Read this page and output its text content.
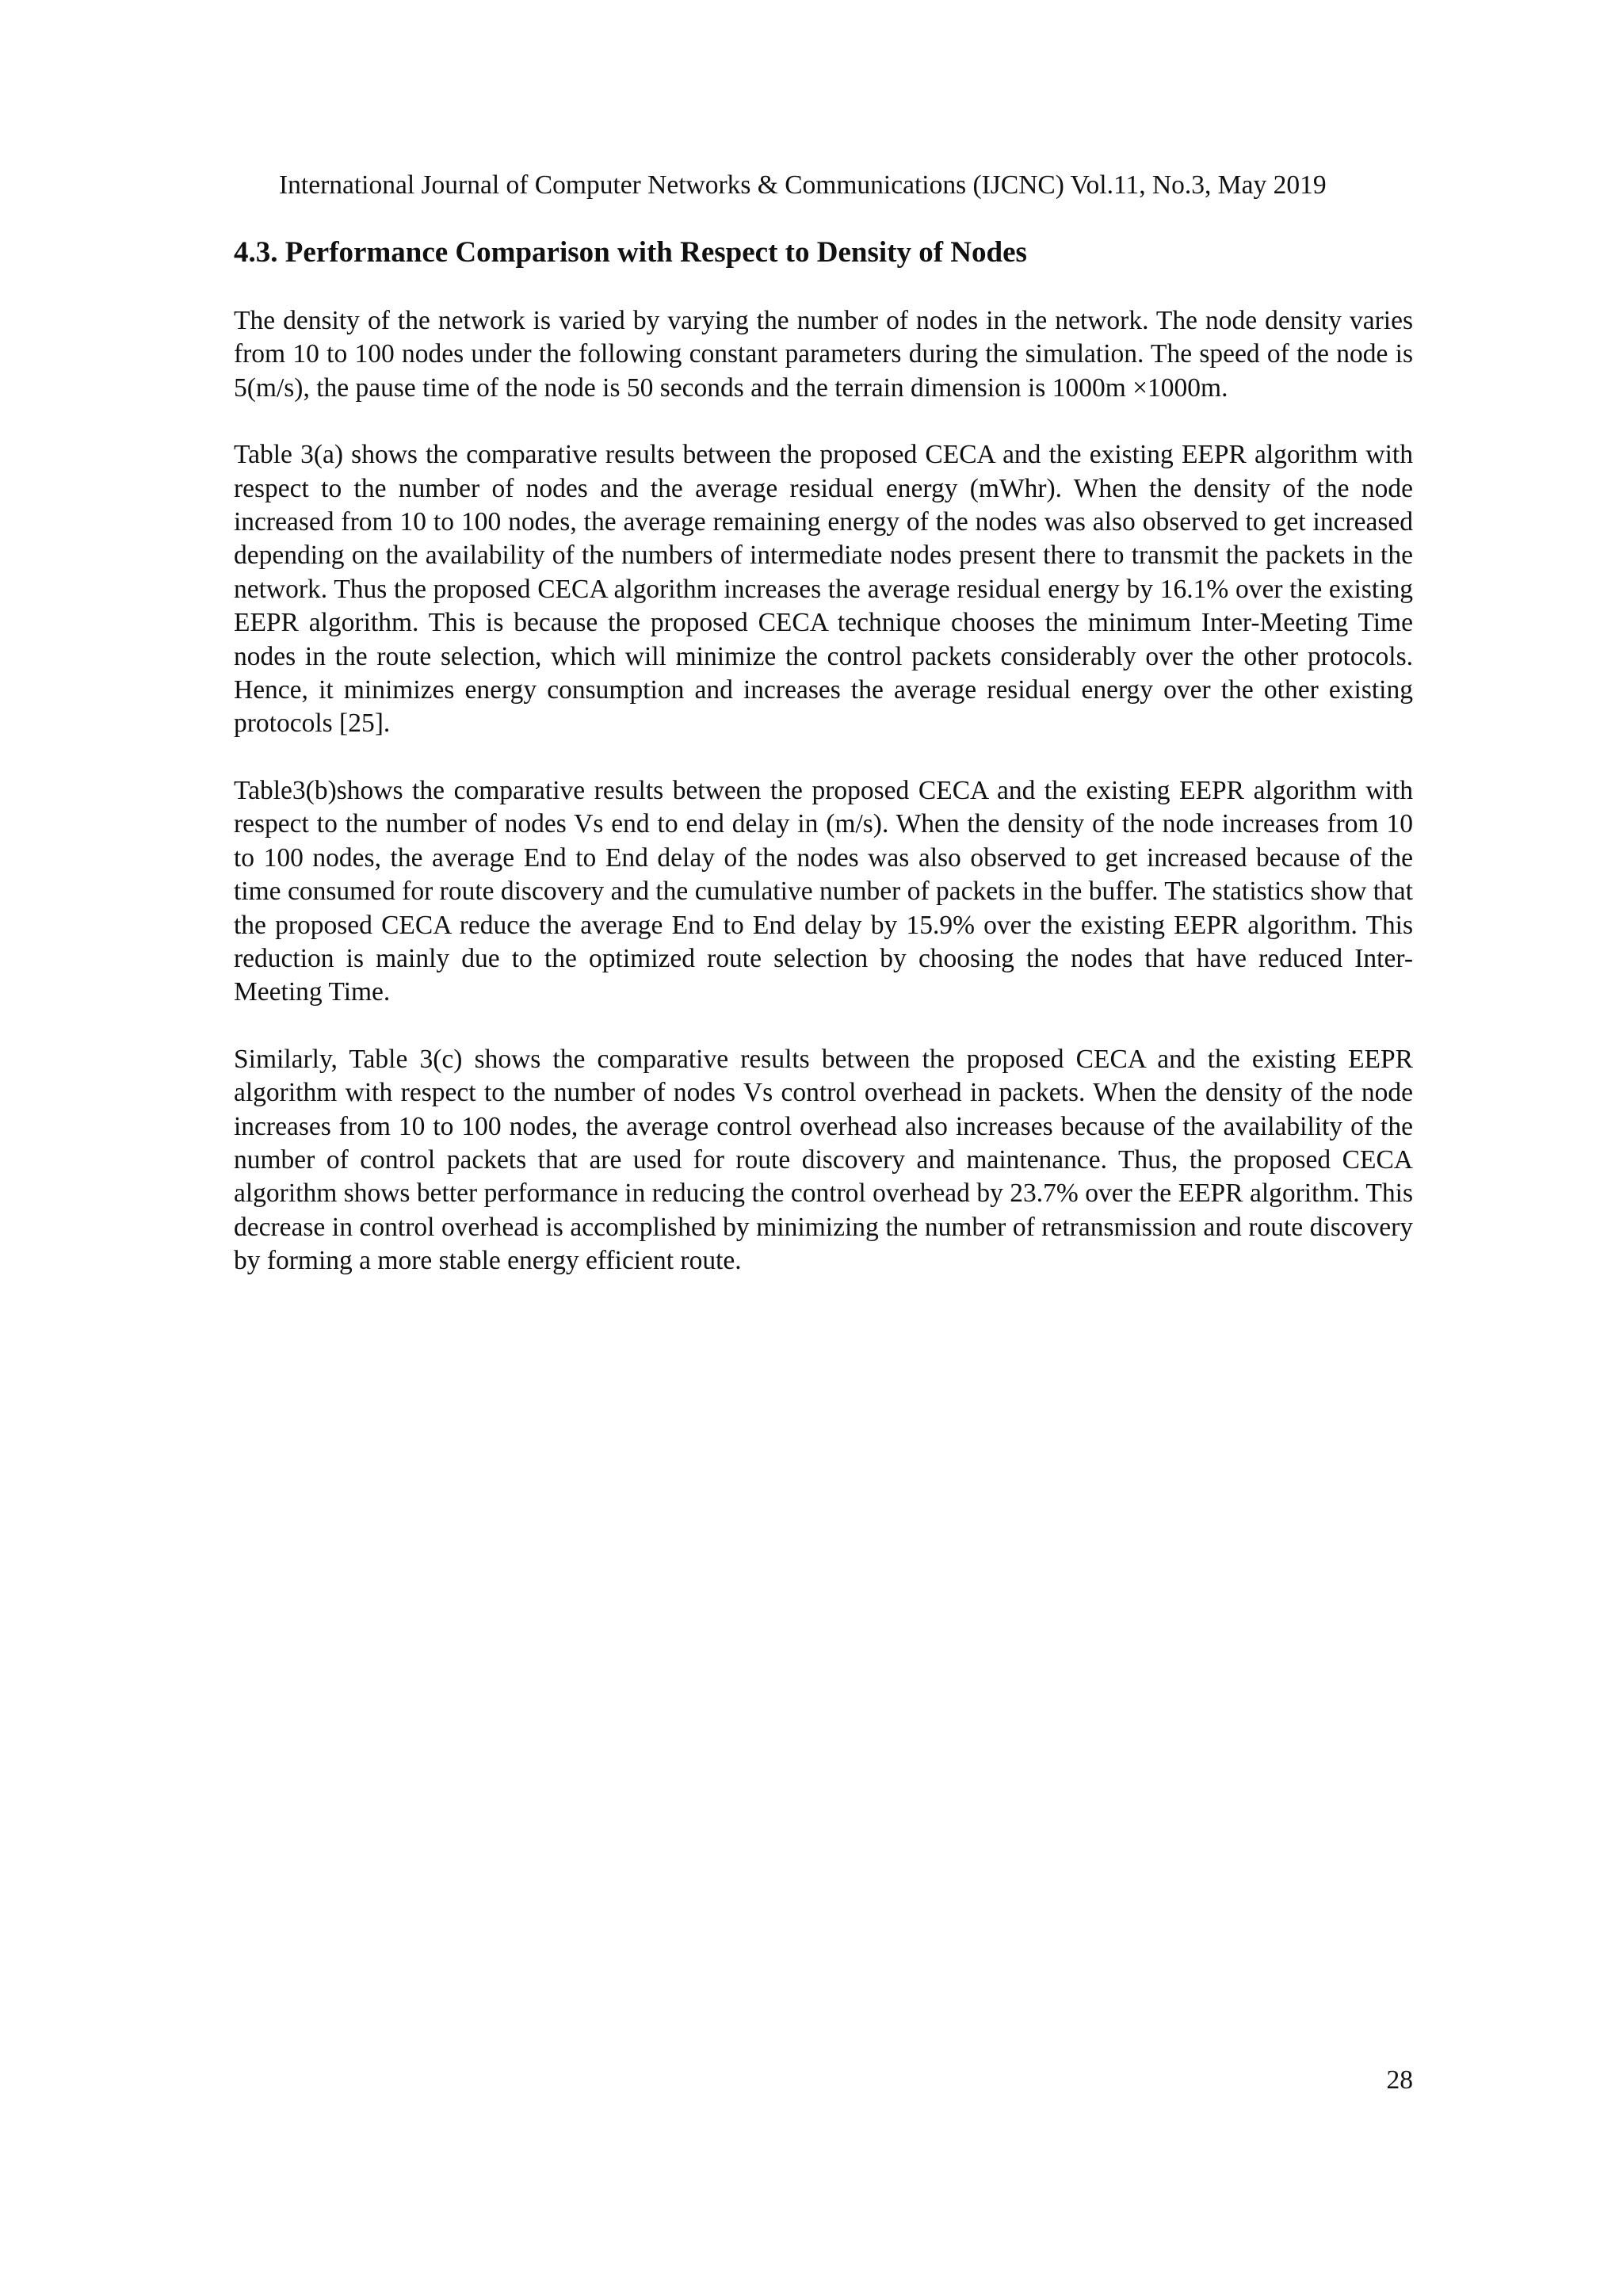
International Journal of Computer Networks & Communications (IJCNC) Vol.11, No.3, May 2019
4.3. Performance Comparison with Respect to Density of Nodes

The density of the network is varied by varying the number of nodes in the network. The node density varies from 10 to 100 nodes under the following constant parameters during the simulation. The speed of the node is 5(m/s), the pause time of the node is 50 seconds and the terrain dimension is 1000m ×1000m.

Table 3(a) shows the comparative results between the proposed CECA and the existing EEPR algorithm with respect to the number of nodes and the average residual energy (mWhr). When the density of the node increased from 10 to 100 nodes, the average remaining energy of the nodes was also observed to get increased depending on the availability of the numbers of intermediate nodes present there to transmit the packets in the network. Thus the proposed CECA algorithm increases the average residual energy by 16.1% over the existing EEPR algorithm. This is because the proposed CECA technique chooses the minimum Inter-Meeting Time nodes in the route selection, which will minimize the control packets considerably over the other protocols. Hence, it minimizes energy consumption and increases the average residual energy over the other existing protocols [25].

Table3(b)shows the comparative results between the proposed CECA and the existing EEPR algorithm with respect to the number of nodes Vs end to end delay in (m/s). When the density of the node increases from 10 to 100 nodes, the average End to End delay of the nodes was also observed to get increased because of the time consumed for route discovery and the cumulative number of packets in the buffer. The statistics show that the proposed CECA reduce the average End to End delay by 15.9% over the existing EEPR algorithm. This reduction is mainly due to the optimized route selection by choosing the nodes that have reduced Inter-Meeting Time.

Similarly, Table 3(c) shows the comparative results between the proposed CECA and the existing EEPR algorithm with respect to the number of nodes Vs control overhead in packets. When the density of the node increases from 10 to 100 nodes, the average control overhead also increases because of the availability of the number of control packets that are used for route discovery and maintenance. Thus, the proposed CECA algorithm shows better performance in reducing the control overhead by 23.7% over the EEPR algorithm. This decrease in control overhead is accomplished by minimizing the number of retransmission and route discovery by forming a more stable energy efficient route.

28
